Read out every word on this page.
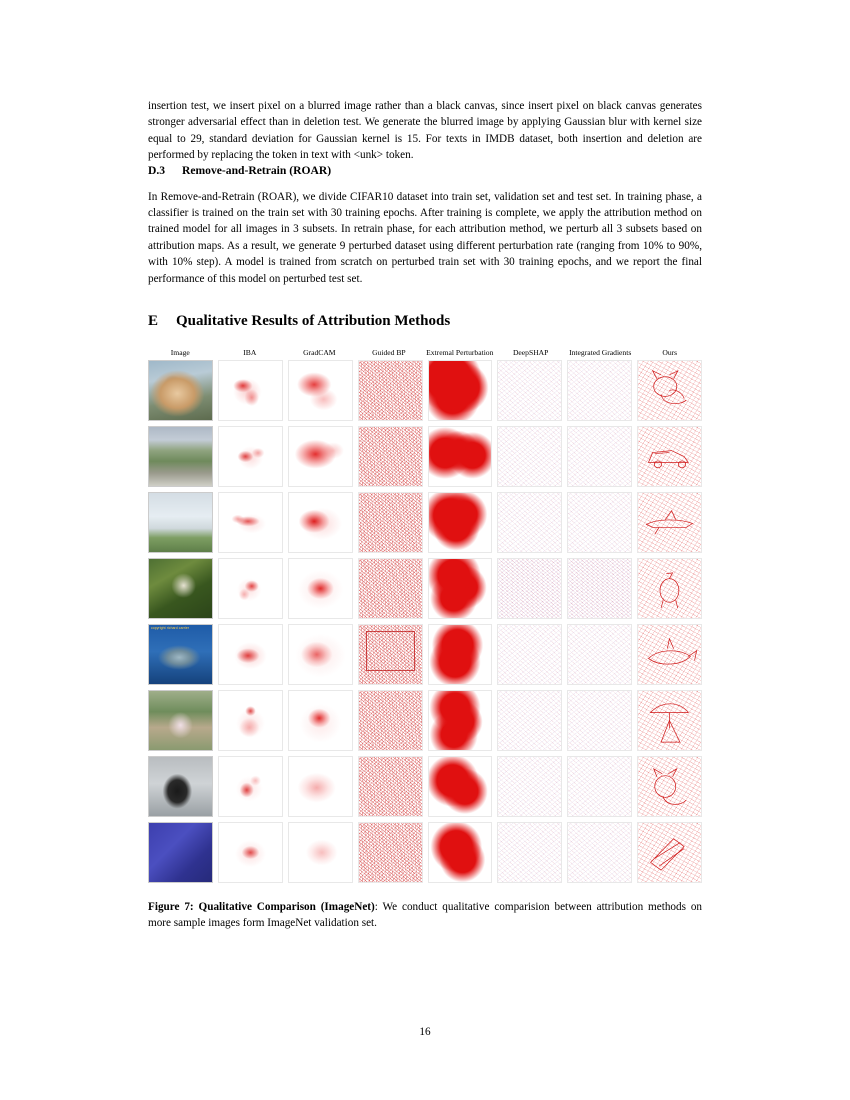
insertion test, we insert pixel on a blurred image rather than a black canvas, since insert pixel on black canvas generates stronger adversarial effect than in deletion test. We generate the blurred image by applying Gaussian blur with kernel size equal to 29, standard deviation for Gaussian kernel is 15. For texts in IMDB dataset, both insertion and deletion are performed by replacing the token in text with <unk> token.

D.3 Remove-and-Retrain (ROAR)

In Remove-and-Retrain (ROAR), we divide CIFAR10 dataset into train set, validation set and test set. In training phase, a classifier is trained on the train set with 30 training epochs. After training is complete, we apply the attribution method on trained model for all images in 3 subsets. In retrain phase, for each attribution method, we perturb all 3 subsets based on attribution maps. As a result, we generate 9 perturbed dataset using different perturbation rate (ranging from 10% to 90%, with 10% step). A model is trained from scratch on perturbed train set with 30 training epochs, and we report the final performance of this model on perturbed test set.

E Qualitative Results of Attribution Methods
Image	IBA	GradCAM	Guided BP	Extremal Perturbation	DeepSHAP	Integrated Gradients	Ours
copyright richard carrier
Figure 7: Qualitative Comparison (ImageNet): We conduct qualitative comparision between attribution methods on more sample images form ImageNet validation set.
16
